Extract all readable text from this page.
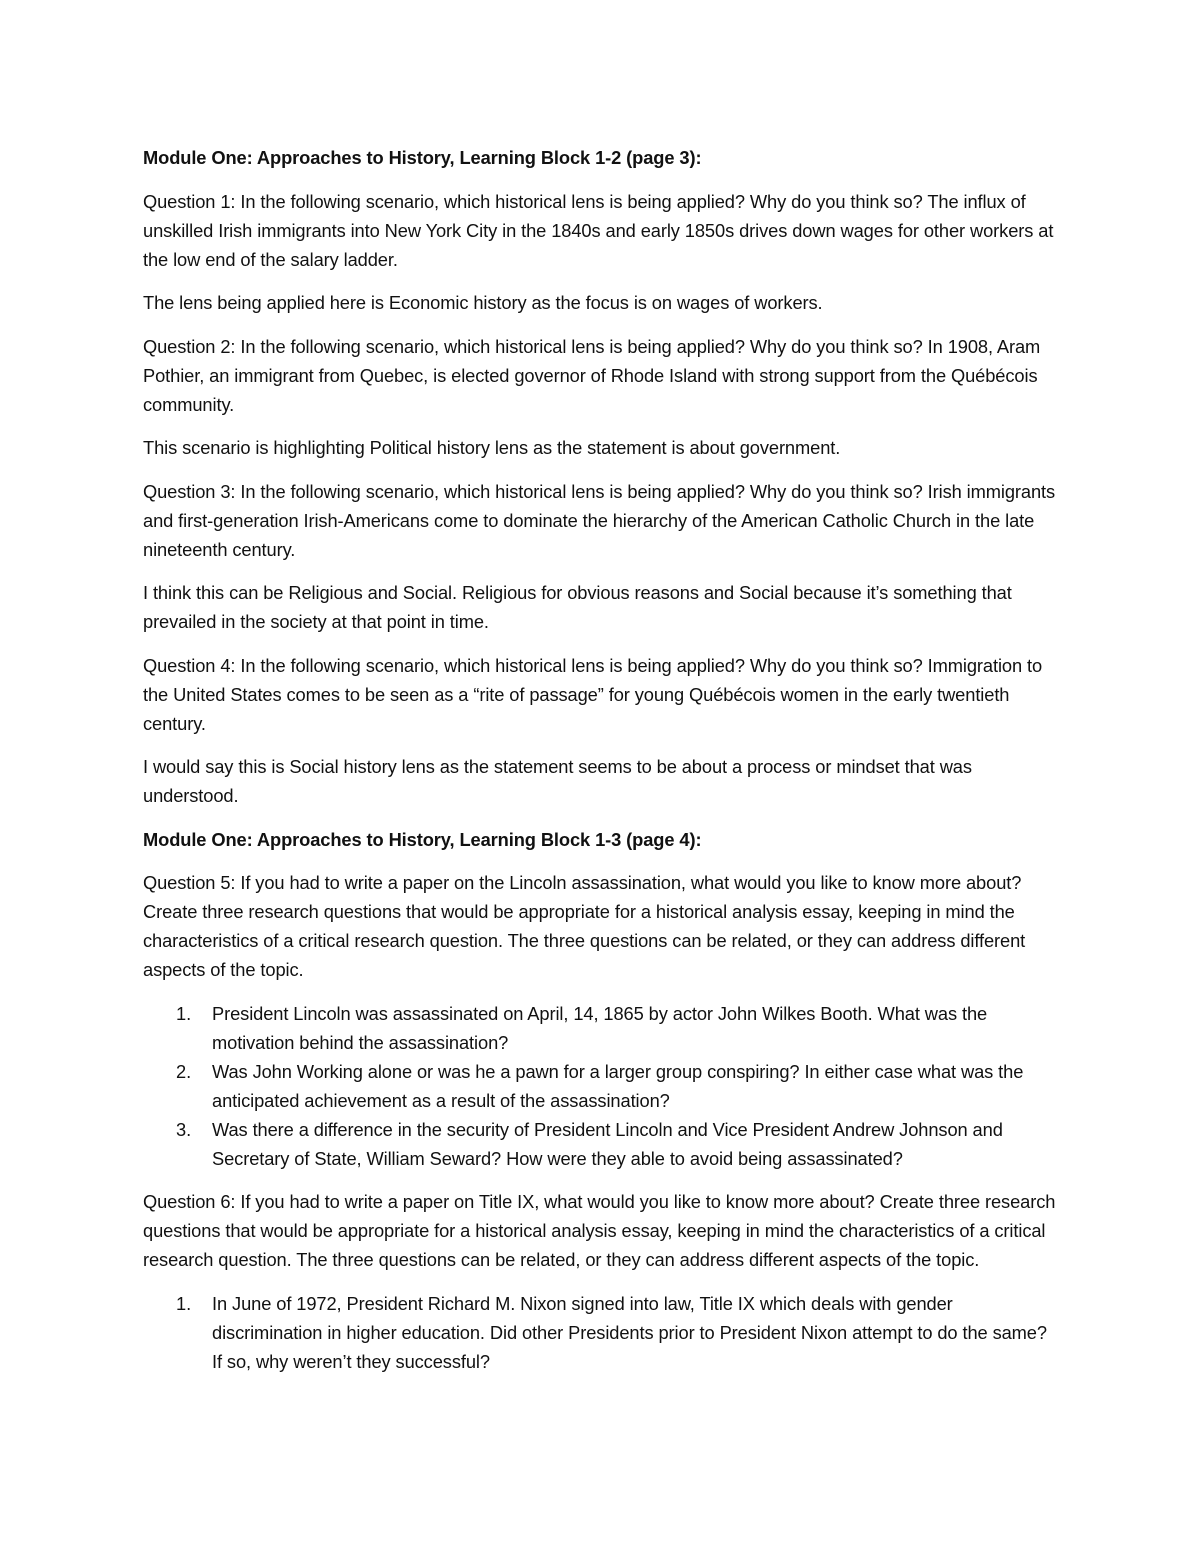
Module One: Approaches to History, Learning Block 1-2 (page 3):

Question 1: In the following scenario, which historical lens is being applied? Why do you think so? The influx of unskilled Irish immigrants into New York City in the 1840s and early 1850s drives down wages for other workers at the low end of the salary ladder.

The lens being applied here is Economic history as the focus is on wages of workers.

Question 2: In the following scenario, which historical lens is being applied? Why do you think so? In 1908, Aram Pothier, an immigrant from Quebec, is elected governor of Rhode Island with strong support from the Québécois community.

This scenario is highlighting Political history lens as the statement is about government.

Question 3: In the following scenario, which historical lens is being applied? Why do you think so? Irish immigrants and first-generation Irish-Americans come to dominate the hierarchy of the American Catholic Church in the late nineteenth century.

I think this can be Religious and Social. Religious for obvious reasons and Social because it’s something that prevailed in the society at that point in time.

Question 4: In the following scenario, which historical lens is being applied? Why do you think so? Immigration to the United States comes to be seen as a “rite of passage” for young Québécois women in the early twentieth century.

I would say this is Social history lens as the statement seems to be about a process or mindset that was understood.

Module One: Approaches to History, Learning Block 1-3 (page 4):

Question 5: If you had to write a paper on the Lincoln assassination, what would you like to know more about? Create three research questions that would be appropriate for a historical analysis essay, keeping in mind the characteristics of a critical research question. The three questions can be related, or they can address different aspects of the topic.

1. President Lincoln was assassinated on April, 14, 1865 by actor John Wilkes Booth. What was the motivation behind the assassination?
2. Was John Working alone or was he a pawn for a larger group conspiring? In either case what was the anticipated achievement as a result of the assassination?
3. Was there a difference in the security of President Lincoln and Vice President Andrew Johnson and Secretary of State, William Seward? How were they able to avoid being assassinated?

Question 6: If you had to write a paper on Title IX, what would you like to know more about? Create three research questions that would be appropriate for a historical analysis essay, keeping in mind the characteristics of a critical research question. The three questions can be related, or they can address different aspects of the topic.

1. In June of 1972, President Richard M. Nixon signed into law, Title IX which deals with gender discrimination in higher education. Did other Presidents prior to President Nixon attempt to do the same? If so, why weren’t they successful?
